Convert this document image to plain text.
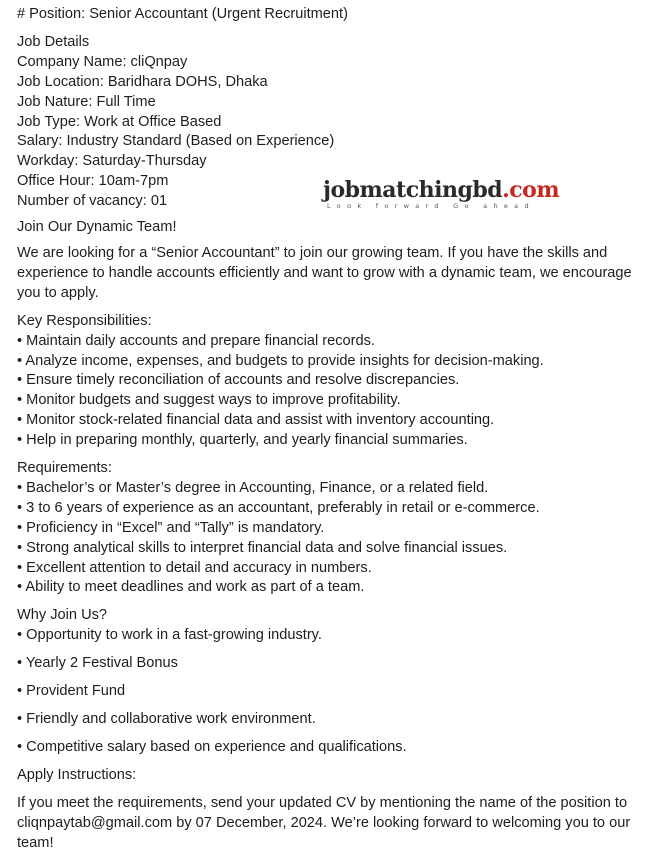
# Position: Senior Accountant (Urgent Recruitment)
Job Details
Company Name: cliQnpay
Job Location: Baridhara DOHS, Dhaka
Job Nature: Full Time
Job Type: Work at Office Based
Salary: Industry Standard (Based on Experience)
Workday: Saturday-Thursday
Office Hour: 10am-7pm
Number of vacancy: 01
Join Our Dynamic Team!
We are looking for a “Senior Accountant” to join our growing team. If you have the skills and
experience to handle accounts efficiently and want to grow with a dynamic team, we encourage
you to apply.
Key Responsibilities:
• Maintain daily accounts and prepare financial records.
• Analyze income, expenses, and budgets to provide insights for decision-making.
• Ensure timely reconciliation of accounts and resolve discrepancies.
• Monitor budgets and suggest ways to improve profitability.
• Monitor stock-related financial data and assist with inventory accounting.
• Help in preparing monthly, quarterly, and yearly financial summaries.
Requirements:
• Bachelor’s or Master’s degree in Accounting, Finance, or a related field.
• 3 to 6 years of experience as an accountant, preferably in retail or e-commerce.
• Proficiency in “Excel” and “Tally” is mandatory.
• Strong analytical skills to interpret financial data and solve financial issues.
• Excellent attention to detail and accuracy in numbers.
• Ability to meet deadlines and work as part of a team.
Why Join Us?
• Opportunity to work in a fast-growing industry.
• Yearly 2 Festival Bonus
• Provident Fund
• Friendly and collaborative work environment.
• Competitive salary based on experience and qualifications.
Apply Instructions:
If you meet the requirements, send your updated CV by mentioning the name of the position to
cliqnpaytab@gmail.com by 07 December, 2024. We’re looking forward to welcoming you to our
team!
jobmatchingbd.com
Look forward Go ahead
